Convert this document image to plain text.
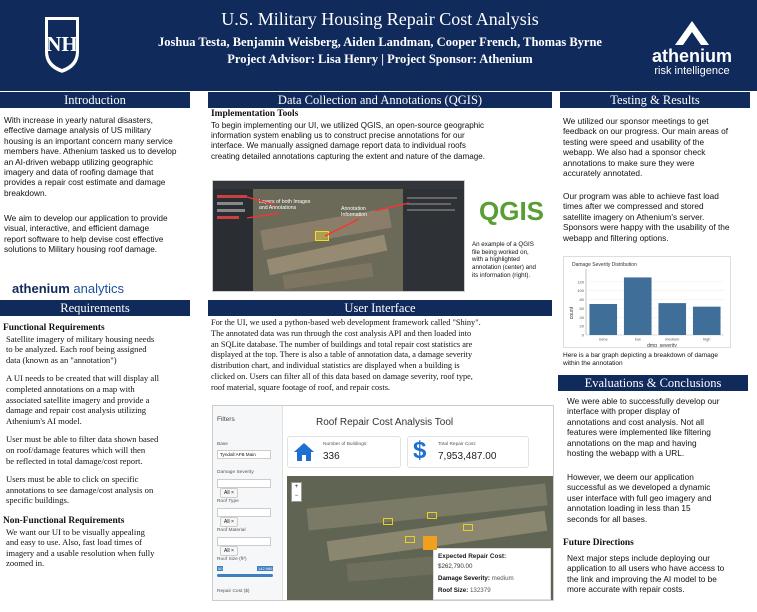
NH
U.S. Military Housing Repair Cost Analysis
Joshua Testa, Benjamin Weisberg, Aiden Landman, Cooper French, Thomas Byrne
Project Advisor: Lisa Henry | Project Sponsor: Athenium	athenium
risk intelligence
Introduction
With increase in yearly natural disasters,
effective damage analysis of US military
housing is an important concern many service
members have. Athenium tasked us to develop
an AI-driven webapp utilizing geographic
imagery and data of roofing damage that
provides a repair cost estimate and damage
breakdown.
We aim to develop our application to provide
visual, interactive, and efficient damage
report software to help devise cost effective
solutions to Military housing roof damage.
athenium analytics
Requirements
Functional Requirements
Satellite imagery of military housing needs
to be analyzed. Each roof being assigned
data (known as an "annotation")
A UI needs to be created that will display all
completed annotations on a map with
associated satellite imagery and provide a
damage and repair cost analysis utilizing
Athenium's AI model.
User must be able to filter data shown based
on roof/damage features which will then
be reflected in total damage/cost report.
Users must be able to click on specific
annotations to see damage/cost analysis on
specific buildings.
Non-Functional Requirements
We want our UI to be visually appealing
and easy to use. Also, fast load times of
imagery and a usable resolution when fully
zoomed in.
Data Collection and Annotations (QGIS)
Implementation Tools
To begin implementing our UI, we utilized QGIS, an open-source geographic
information system enabling us to construct precise annotations for our
interface. We manually assigned damage report data to individual roofs
creating detailed annotations capturing the extent and nature of the damage.
Layers of both Images and Annotations	Annotation Information	QGIS
An example of a QGIS
file being worked on,
with a highlighted
annotation (center) and
its information (right).
User Interface
For the UI, we used a python-based web development framework called "Shiny".
The annotated data was run through the cost analysis API and then loaded into
an SQLite database. The number of buildings and total repair cost statistics are
displayed at the top. There is also a table of annotation data, a damage severity
distribution chart, and individual statistics are displayed when a building is
clicked on. Users can filter all of this data based on damage severity, roof type,
roof material, square footage of roof, and repair costs.
Filters
Base
Tyndall AFB Main
Damage Severity
All ×
Roof Type
All ×
Roof Material
All ×
Roof Size (ft²)
50	142,986
Repair Cost ($)
Roof Repair Cost Analysis Tool
Number of Buildings:
336	$ Total Repair Cost:
7,953,487.00
+
−
Expected Repair Cost:
$262,790.00
Damage Severity: medium
Roof Size: 132379
Testing & Results
We utilized our sponsor meetings to get
feedback on our progress. Our main areas of
testing were speed and usability of the
webapp. We also had a sponsor check
annotations to make sure they were
accurately annotated.
Our program was able to achieve fast load
times after we compressed and stored
satellite imagery on Athenium's server.
Sponsors were happy with the usability of the
webapp and filtering options.
Damage Severity Distribution
count
dmg_severity
0
20
40
60
80
100
120
none	low	medium	high
Here is a bar graph depicting a breakdown of damage
within the annotation
Evaluations & Conclusions
We were able to successfully develop our
interface with proper display of
annotations and cost analysis. Not all
features were implemented like filtering
annotations on the map and having
hosting the webapp with a URL.
However, we deem our application
successful as we developed a dynamic
user interface with full geo imagery and
annotation loading in less than 15
seconds for all bases.
Future Directions
Next major steps include deploying our
application to all users who have access to
the link and improving the AI model to be
more accurate with repair costs.
